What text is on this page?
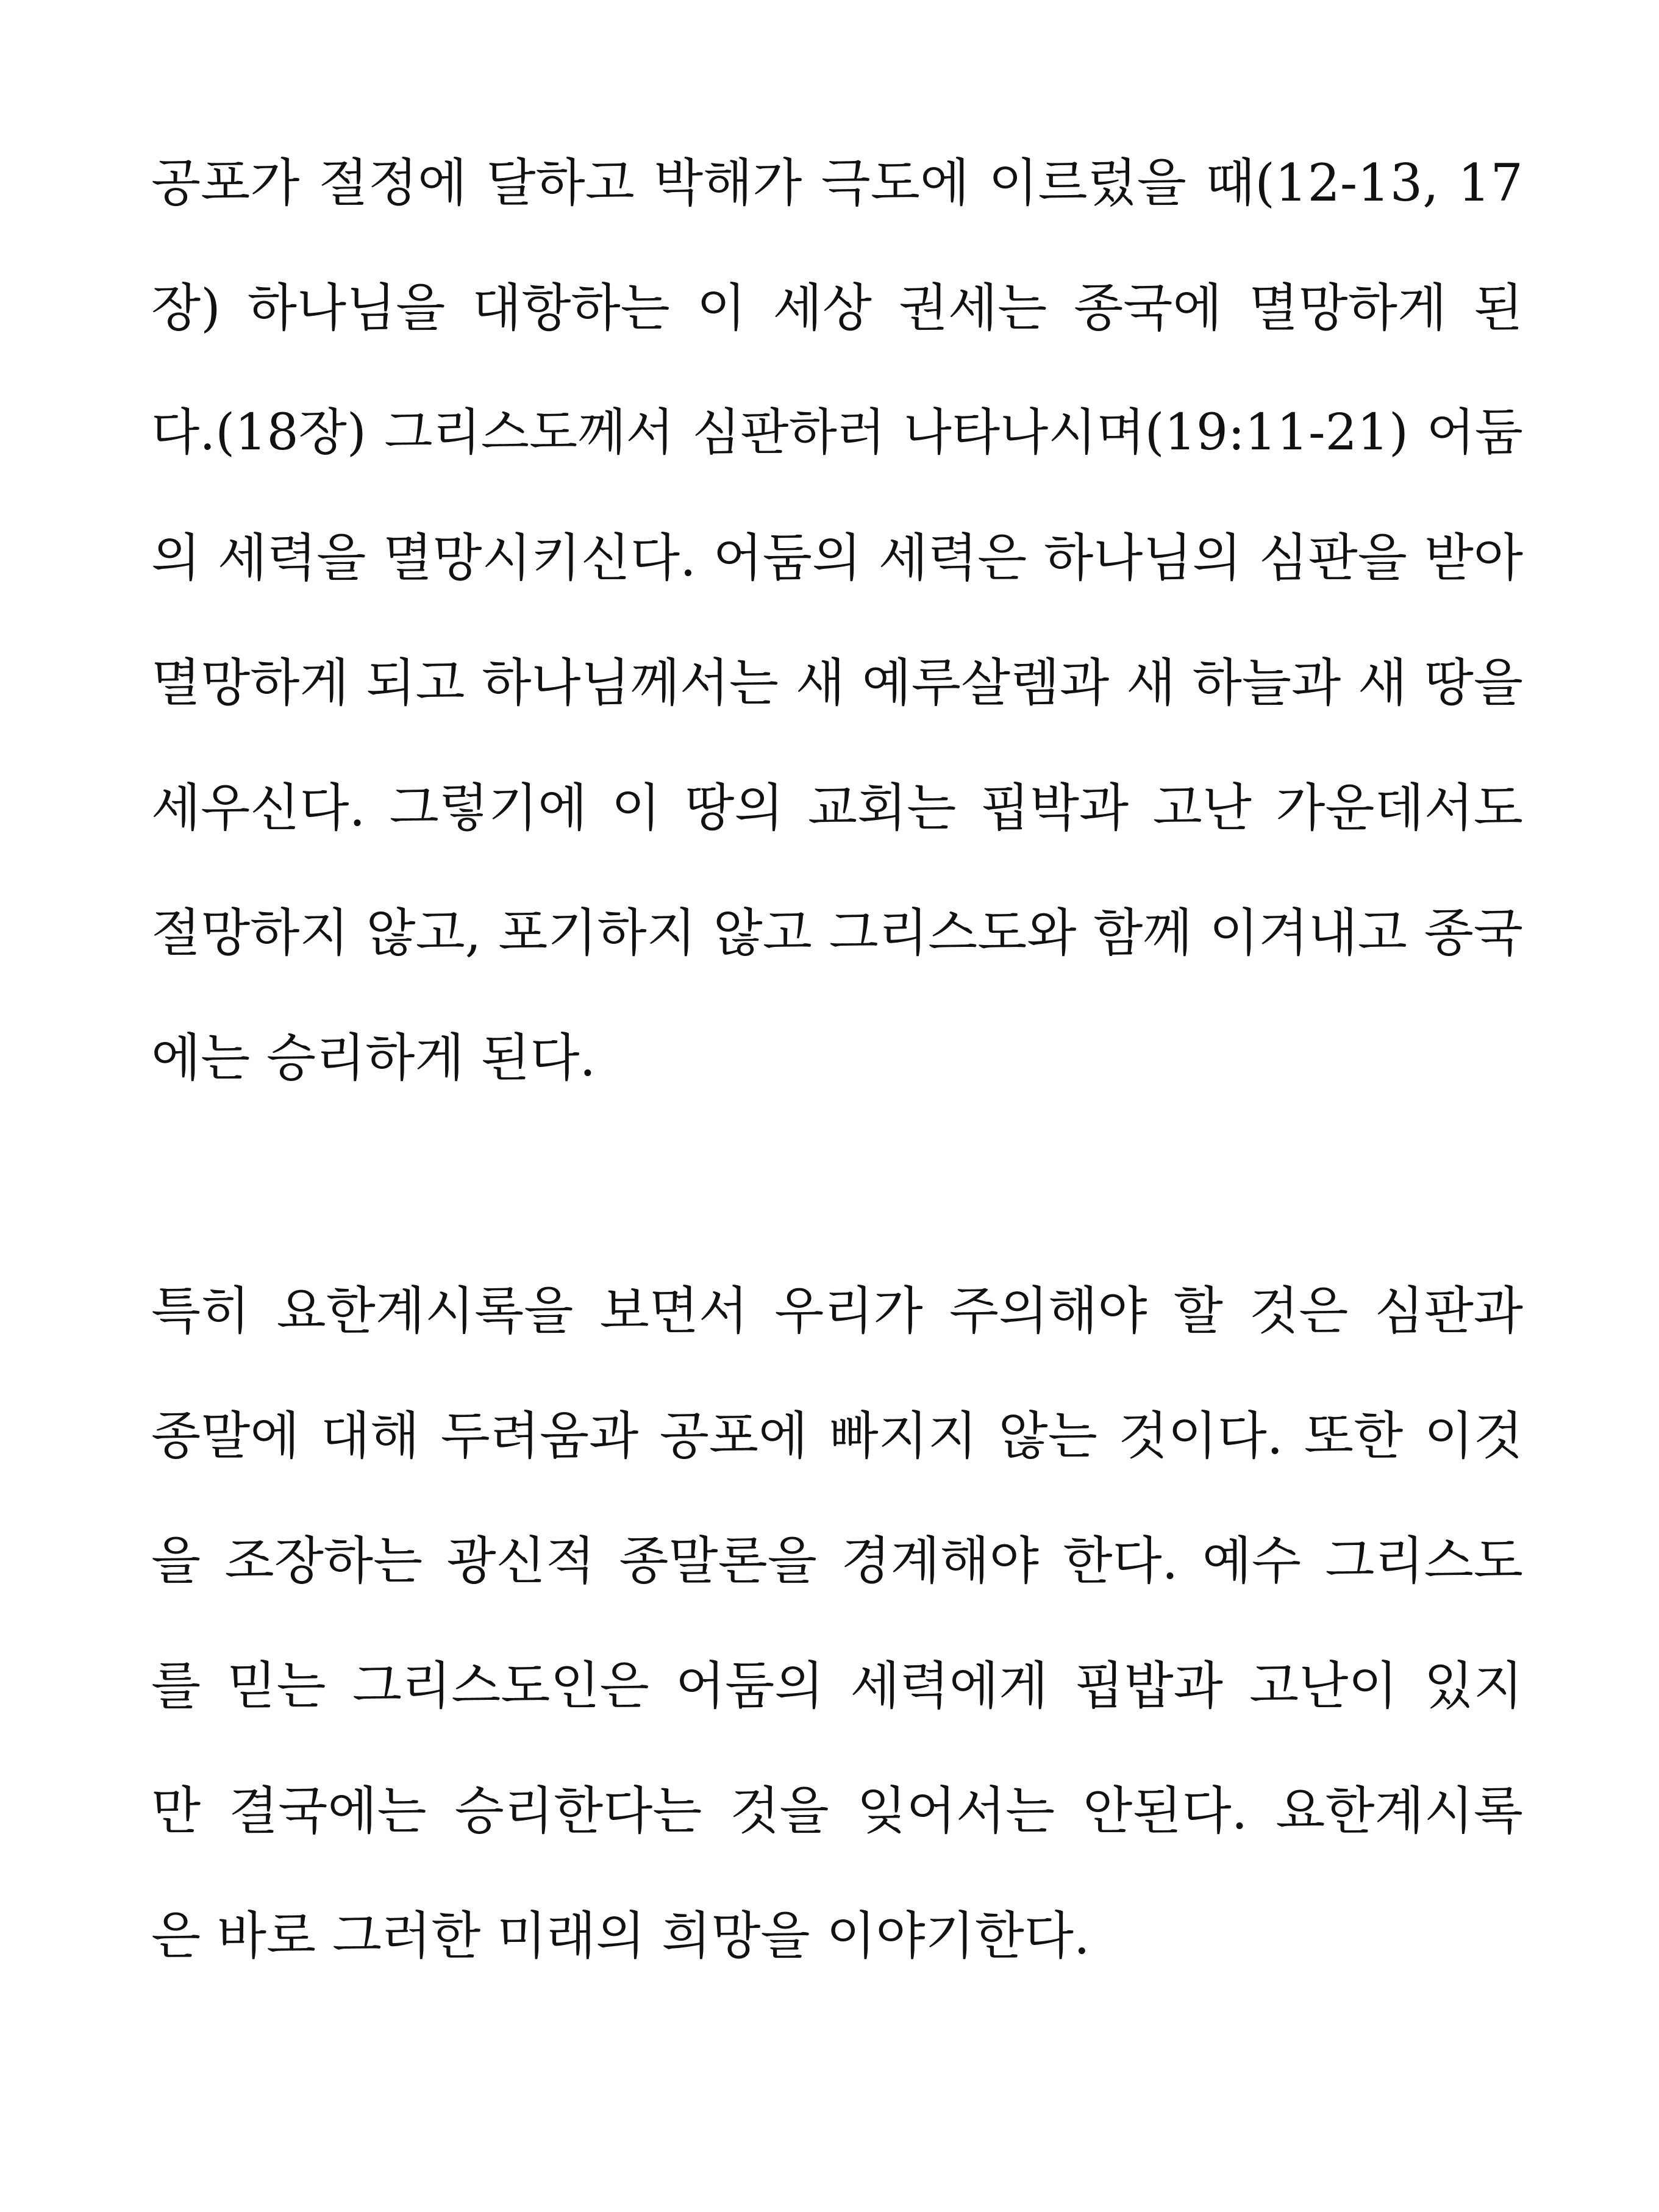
공포가 절정에 달하고 박해가 극도에 이르렀을 때(12-13, 17
장) 하나님을 대항하는 이 세상 권세는 종국에 멸망하게 된
다.(18장) 그리스도께서 심판하러 나타나시며(19:11-21) 어둠
의 세력을 멸망시키신다. 어둠의 세력은 하나님의 심판을 받아
멸망하게 되고 하나님께서는 새 예루살렘과 새 하늘과 새 땅을
세우신다. 그렇기에 이 땅의 교회는 핍박과 고난 가운데서도
절망하지 않고, 포기하지 않고 그리스도와 함께 이겨내고 종국
에는 승리하게 된다.
특히 요한계시록을 보면서 우리가 주의해야 할 것은 심판과
종말에 대해 두려움과 공포에 빠지지 않는 것이다. 또한 이것
을 조장하는 광신적 종말론을 경계해야 한다. 예수 그리스도
를 믿는 그리스도인은 어둠의 세력에게 핍밥과 고난이 있지
만 결국에는 승리한다는 것을 잊어서는 안된다. 요한계시록
은 바로 그러한 미래의 희망을 이야기한다.
